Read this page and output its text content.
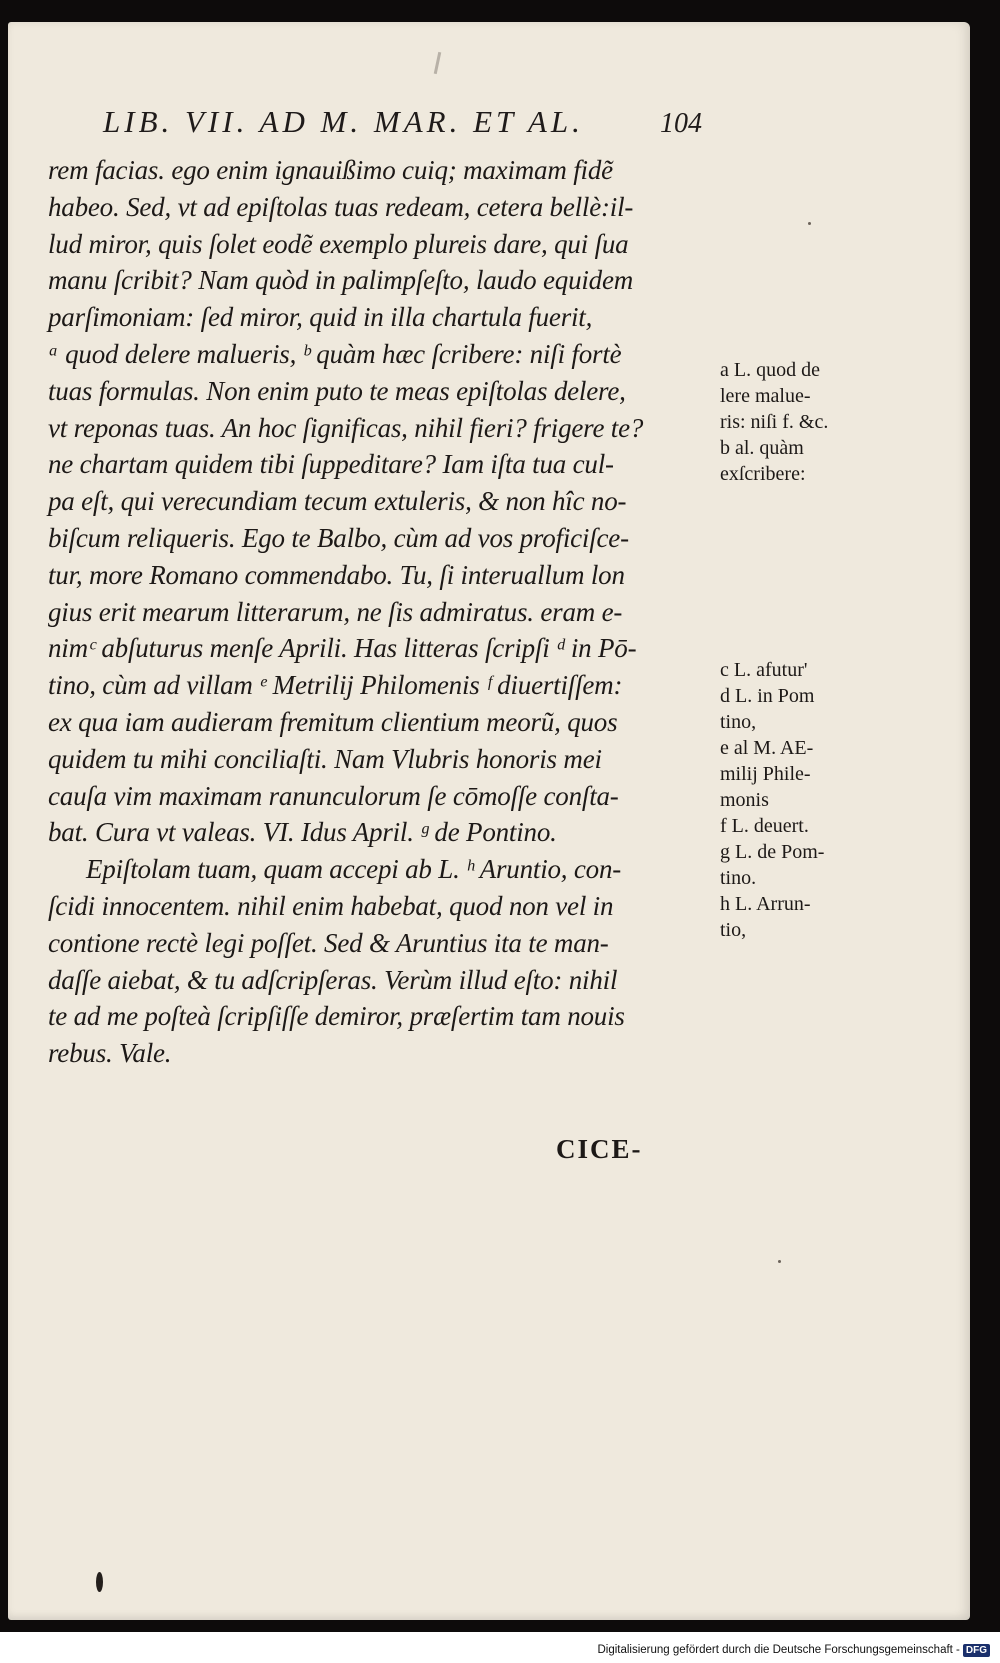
LIB. VII. AD M. MAR. ET AL.	104
rem facias. ego enim ignauißimo cuiq; maximam fidẽ
habeo. Sed, vt ad epiſtolas tuas redeam, cetera bellè:il-
lud miror, quis ſolet eodẽ exemplo plureis dare, qui ſua
manu ſcribit? Nam quòd in palimpſeſto, laudo equidem
parſimoniam: ſed miror, quid in illa chartula fuerit,
ᵃ quod delere malueris, ᵇ quàm hæc ſcribere: niſi fortè
tuas formulas. Non enim puto te meas epiſtolas delere,
vt reponas tuas. An hoc ſignificas, nihil fieri? frigere te?
ne chartam quidem tibi ſuppeditare? Iam iſta tua cul-
pa eſt, qui verecundiam tecum extuleris, & non hîc no-
biſcum reliqueris. Ego te Balbo, cùm ad vos proficiſce-
tur, more Romano commendabo. Tu, ſi interuallum lon
gius erit mearum litterarum, ne ſis admiratus. eram e-
nimᶜ abſuturus menſe Aprili. Has litteras ſcripſi ᵈ in Pō-
tino, cùm ad villam ᵉ Metrilij Philomenis ᶠ diuertiſſem:
ex qua iam audieram fremitum clientium meorũ, quos
quidem tu mihi conciliaſti. Nam Vlubris honoris mei
cauſa vim maximam ranunculorum ſe cōmoſſe conſta-
bat. Cura vt valeas. VI. Idus April. ᵍ de Pontino.
Epiſtolam tuam, quam accepi ab L. ʰ Aruntio, con-
ſcidi innocentem. nihil enim habebat, quod non vel in
contione rectè legi poſſet. Sed & Aruntius ita te man-
daſſe aiebat, & tu adſcripſeras. Verùm illud eſto: nihil
te ad me poſteà ſcripſiſſe demiror, præſertim tam nouis
rebus. Vale.
a L. quod de
lere malue-
ris: niſi f. &c.
b al. quàm
exſcribere:
c L. afutur'
d L. in Pom
tino,
e al M. AE-
milij Phile-
monis
f L. deuert.
g L. de Pom-
tino.
h L. Arrun-
tio,
CICE-
Digitalisierung gefördert durch die Deutsche Forschungsgemeinschaft - DFG
